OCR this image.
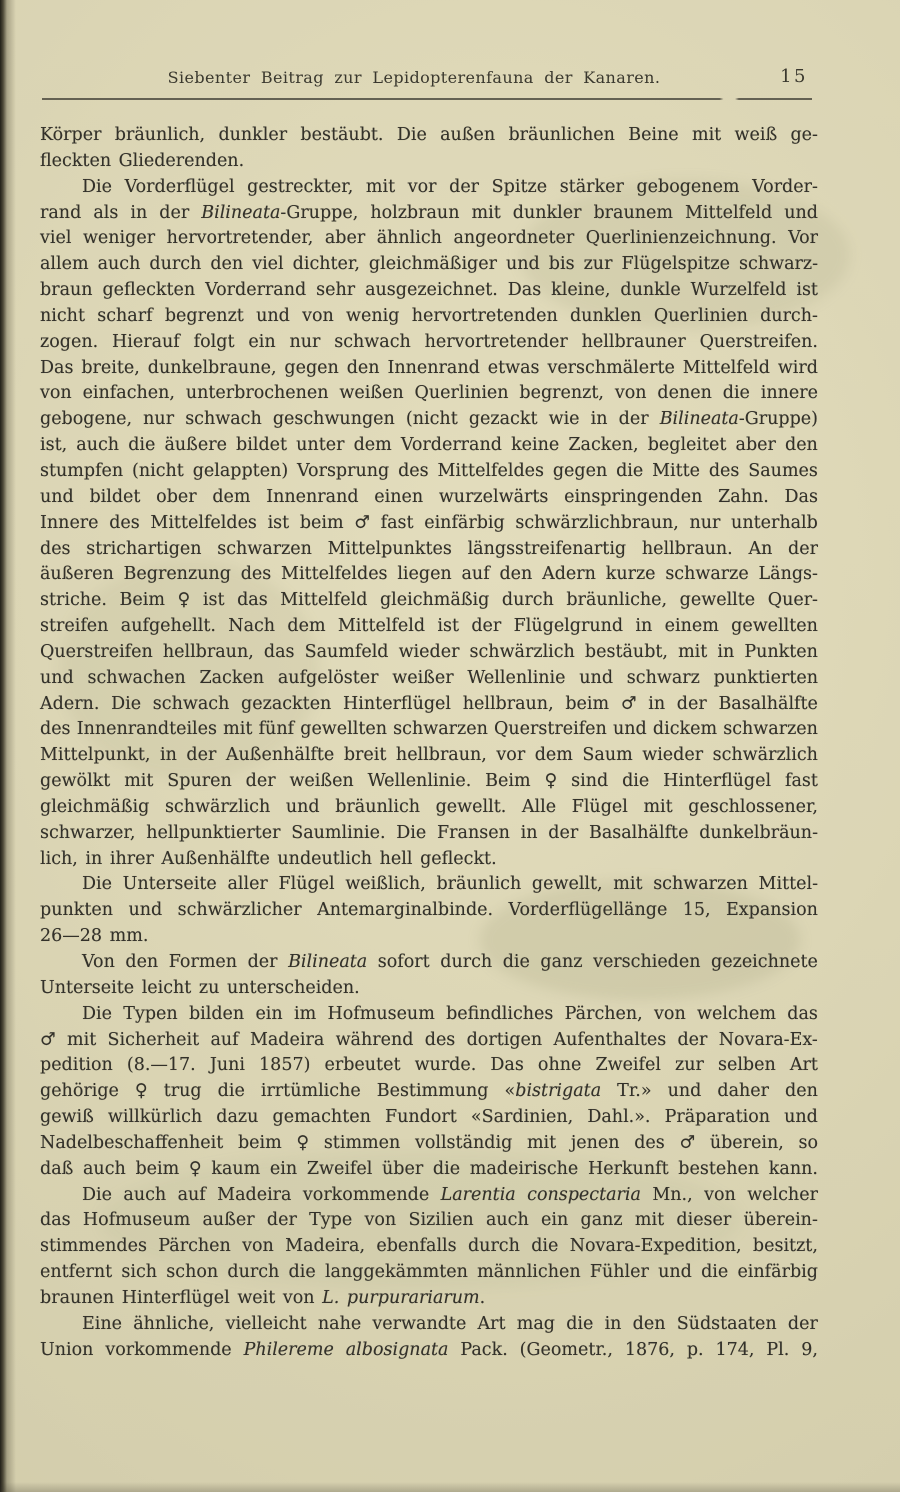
Siebenter Beitrag zur Lepidopterenfauna der Kanaren.	15
Körper bräunlich, dunkler bestäubt. Die außen bräunlichen Beine mit weiß ge-
fleckten Gliederenden.
Die Vorderflügel gestreckter, mit vor der Spitze stärker gebogenem Vorder-
rand als in der Bilineata-Gruppe, holzbraun mit dunkler braunem Mittelfeld und
viel weniger hervortretender, aber ähnlich angeordneter Querlinienzeichnung. Vor
allem auch durch den viel dichter, gleichmäßiger und bis zur Flügelspitze schwarz-
braun gefleckten Vorderrand sehr ausgezeichnet. Das kleine, dunkle Wurzelfeld ist
nicht scharf begrenzt und von wenig hervortretenden dunklen Querlinien durch-
zogen. Hierauf folgt ein nur schwach hervortretender hellbrauner Querstreifen.
Das breite, dunkelbraune, gegen den Innenrand etwas verschmälerte Mittelfeld wird
von einfachen, unterbrochenen weißen Querlinien begrenzt, von denen die innere
gebogene, nur schwach geschwungen (nicht gezackt wie in der Bilineata-Gruppe)
ist, auch die äußere bildet unter dem Vorderrand keine Zacken, begleitet aber den
stumpfen (nicht gelappten) Vorsprung des Mittelfeldes gegen die Mitte des Saumes
und bildet ober dem Innenrand einen wurzelwärts einspringenden Zahn. Das
Innere des Mittelfeldes ist beim ♂ fast einfärbig schwärzlichbraun, nur unterhalb
des strichartigen schwarzen Mittelpunktes längsstreifenartig hellbraun. An der
äußeren Begrenzung des Mittelfeldes liegen auf den Adern kurze schwarze Längs-
striche. Beim ♀ ist das Mittelfeld gleichmäßig durch bräunliche, gewellte Quer-
streifen aufgehellt. Nach dem Mittelfeld ist der Flügelgrund in einem gewellten
Querstreifen hellbraun, das Saumfeld wieder schwärzlich bestäubt, mit in Punkten
und schwachen Zacken aufgelöster weißer Wellenlinie und schwarz punktierten
Adern. Die schwach gezackten Hinterflügel hellbraun, beim ♂ in der Basalhälfte
des Innenrandteiles mit fünf gewellten schwarzen Querstreifen und dickem schwarzen
Mittelpunkt, in der Außenhälfte breit hellbraun, vor dem Saum wieder schwärzlich
gewölkt mit Spuren der weißen Wellenlinie. Beim ♀ sind die Hinterflügel fast
gleichmäßig schwärzlich und bräunlich gewellt. Alle Flügel mit geschlossener,
schwarzer, hellpunktierter Saumlinie. Die Fransen in der Basalhälfte dunkelbräun-
lich, in ihrer Außenhälfte undeutlich hell gefleckt.
Die Unterseite aller Flügel weißlich, bräunlich gewellt, mit schwarzen Mittel-
punkten und schwärzlicher Antemarginalbinde. Vorderflügellänge 15, Expansion
26—28 mm.
Von den Formen der Bilineata sofort durch die ganz verschieden gezeichnete
Unterseite leicht zu unterscheiden.
Die Typen bilden ein im Hofmuseum befindliches Pärchen, von welchem das
♂ mit Sicherheit auf Madeira während des dortigen Aufenthaltes der Novara-Ex-
pedition (8.—17. Juni 1857) erbeutet wurde. Das ohne Zweifel zur selben Art
gehörige ♀ trug die irrtümliche Bestimmung «bistrigata Tr.» und daher den
gewiß willkürlich dazu gemachten Fundort «Sardinien, Dahl.». Präparation und
Nadelbeschaffenheit beim ♀ stimmen vollständig mit jenen des ♂ überein, so
daß auch beim ♀ kaum ein Zweifel über die madeirische Herkunft bestehen kann.
Die auch auf Madeira vorkommende Larentia conspectaria Mn., von welcher
das Hofmuseum außer der Type von Sizilien auch ein ganz mit dieser überein-
stimmendes Pärchen von Madeira, ebenfalls durch die Novara-Expedition, besitzt,
entfernt sich schon durch die langgekämmten männlichen Fühler und die einfärbig
braunen Hinterflügel weit von L. purpurariarum.
Eine ähnliche, vielleicht nahe verwandte Art mag die in den Südstaaten der
Union vorkommende Philereme albosignata Pack. (Geometr., 1876, p. 174, Pl. 9,
